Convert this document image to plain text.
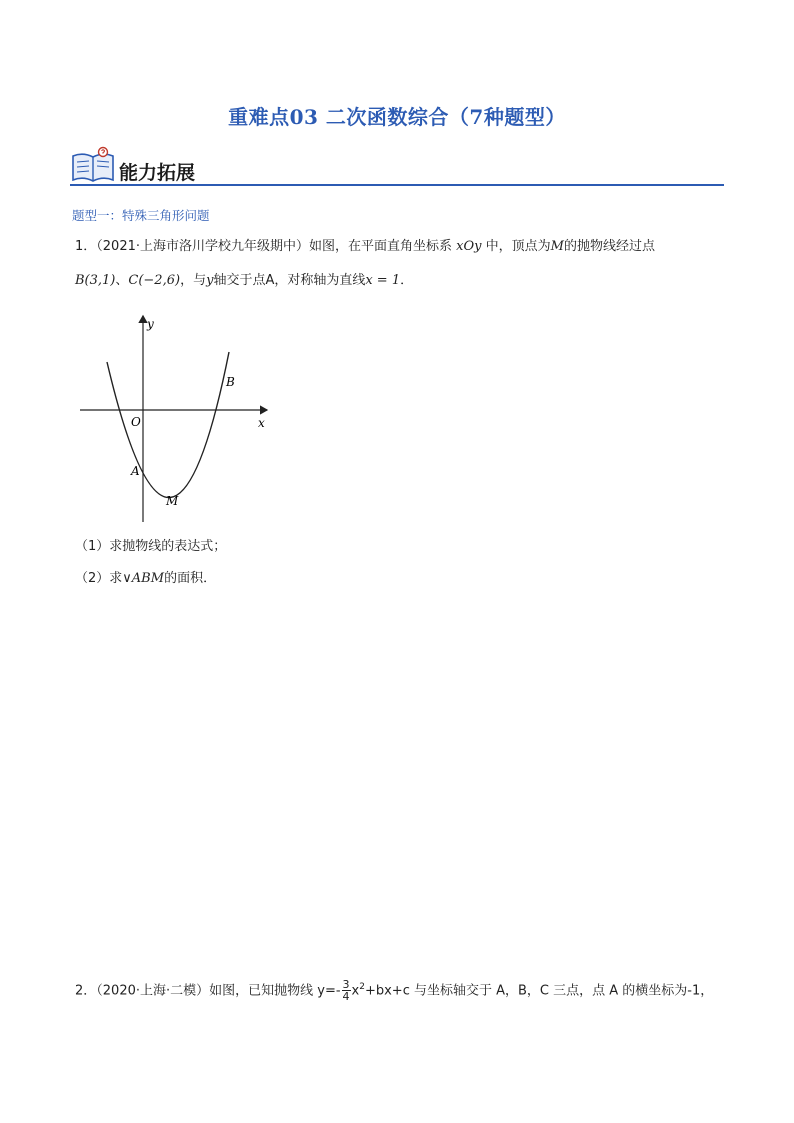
重难点03 二次函数综合（7种题型）
能力拓展
题型一：特殊三角形问题
1．（2021·上海市洛川学校九年级期中）如图，在平面直角坐标系 xOy 中，顶点为M的抛物线经过点
B(3,1)、C(−2,6)，与y轴交于点A，对称轴为直线x = 1．
y
x
O
A
B
M
（1）求抛物线的表达式；
（2）求∨ABM的面积．
2．（2020·上海·二模）如图，已知抛物线 $y=- \frac{3}{4} x^2+bx+c$ 与坐标轴交于 A，B，C 三点，点 A 的横坐标为-1，
